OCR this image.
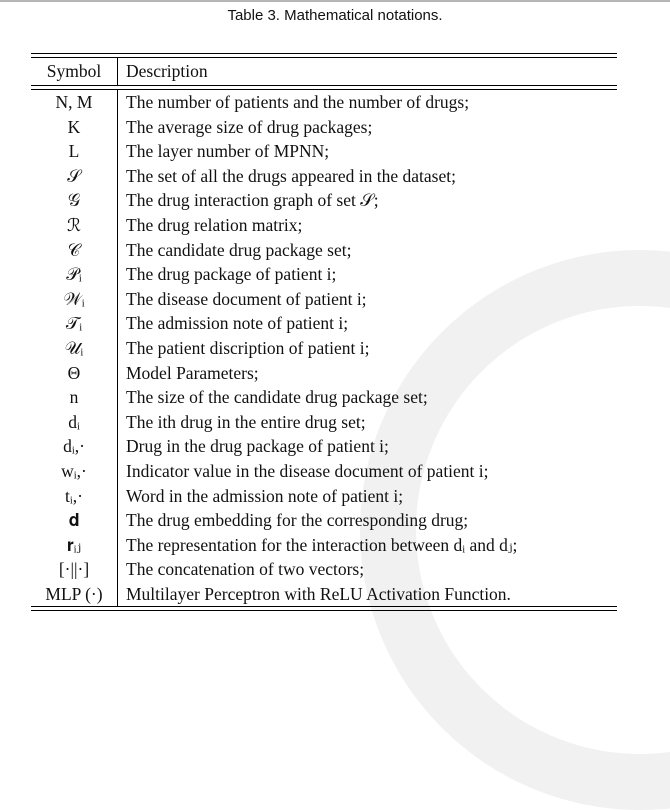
Table 3. Mathematical notations.
Symbol	Description
N, M	The number of patients and the number of drugs;
K	The average size of drug packages;
L	The layer number of MPNN;
𝒮	The set of all the drugs appeared in the dataset;
𝒢	The drug interaction graph of set 𝒮;
ℛ	The drug relation matrix;
𝒞	The candidate drug package set;
𝒫ᵢ	The drug package of patient i;
𝒲ᵢ	The disease document of patient i;
𝒯ᵢ	The admission note of patient i;
𝒰ᵢ	The patient discription of patient i;
Θ	Model Parameters;
n	The size of the candidate drug package set;
dᵢ	The ith drug in the entire drug set;
dᵢ,·	Drug in the drug package of patient i;
wᵢ,·	Indicator value in the disease document of patient i;
tᵢ,·	Word in the admission note of patient i;
𝐝	The drug embedding for the corresponding drug;
𝐫ᵢⱼ	The representation for the interaction between dᵢ and dⱼ;
[·||·]	The concatenation of two vectors;
MLP (·)	Multilayer Perceptron with ReLU Activation Function.
